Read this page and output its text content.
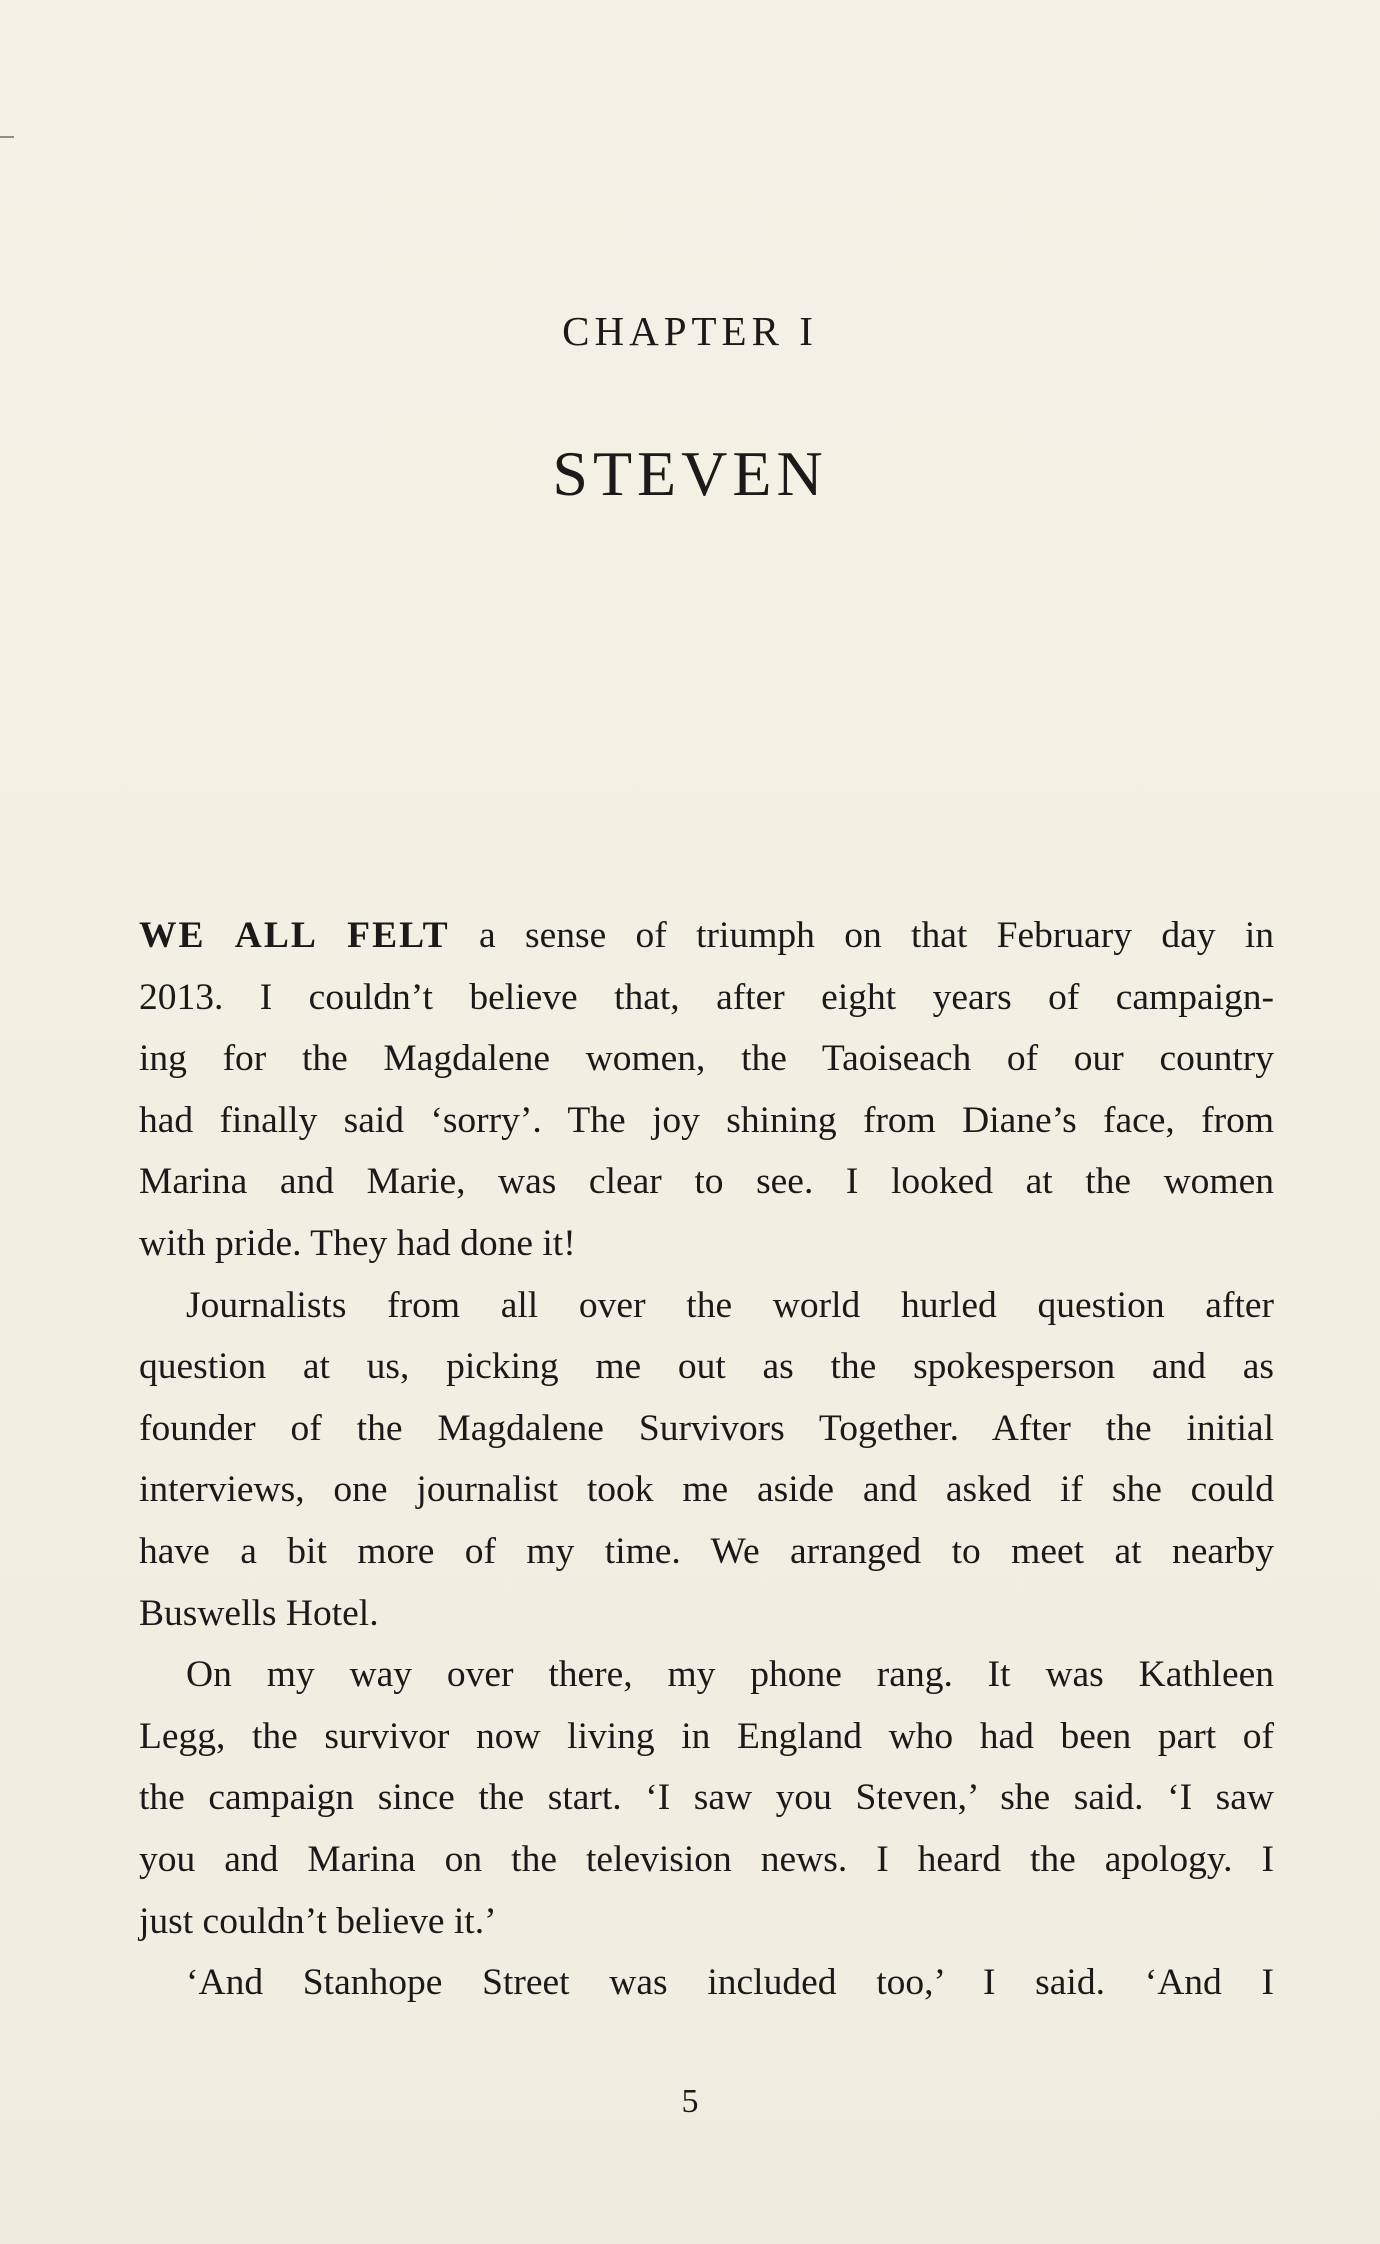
CHAPTER I
STEVEN
WE ALL FELT a sense of triumph on that February day in
2013. I couldn’t believe that, after eight years of campaign-
ing for the Magdalene women, the Taoiseach of our country
had finally said ‘sorry’. The joy shining from Diane’s face, from
Marina and Marie, was clear to see. I looked at the women
with pride. They had done it!
Journalists from all over the world hurled question after
question at us, picking me out as the spokesperson and as
founder of the Magdalene Survivors Together. After the initial
interviews, one journalist took me aside and asked if she could
have a bit more of my time. We arranged to meet at nearby
Buswells Hotel.
On my way over there, my phone rang. It was Kathleen
Legg, the survivor now living in England who had been part of
the campaign since the start. ‘I saw you Steven,’ she said. ‘I saw
you and Marina on the television news. I heard the apology. I
just couldn’t believe it.’
‘And Stanhope Street was included too,’ I said. ‘And I
5
